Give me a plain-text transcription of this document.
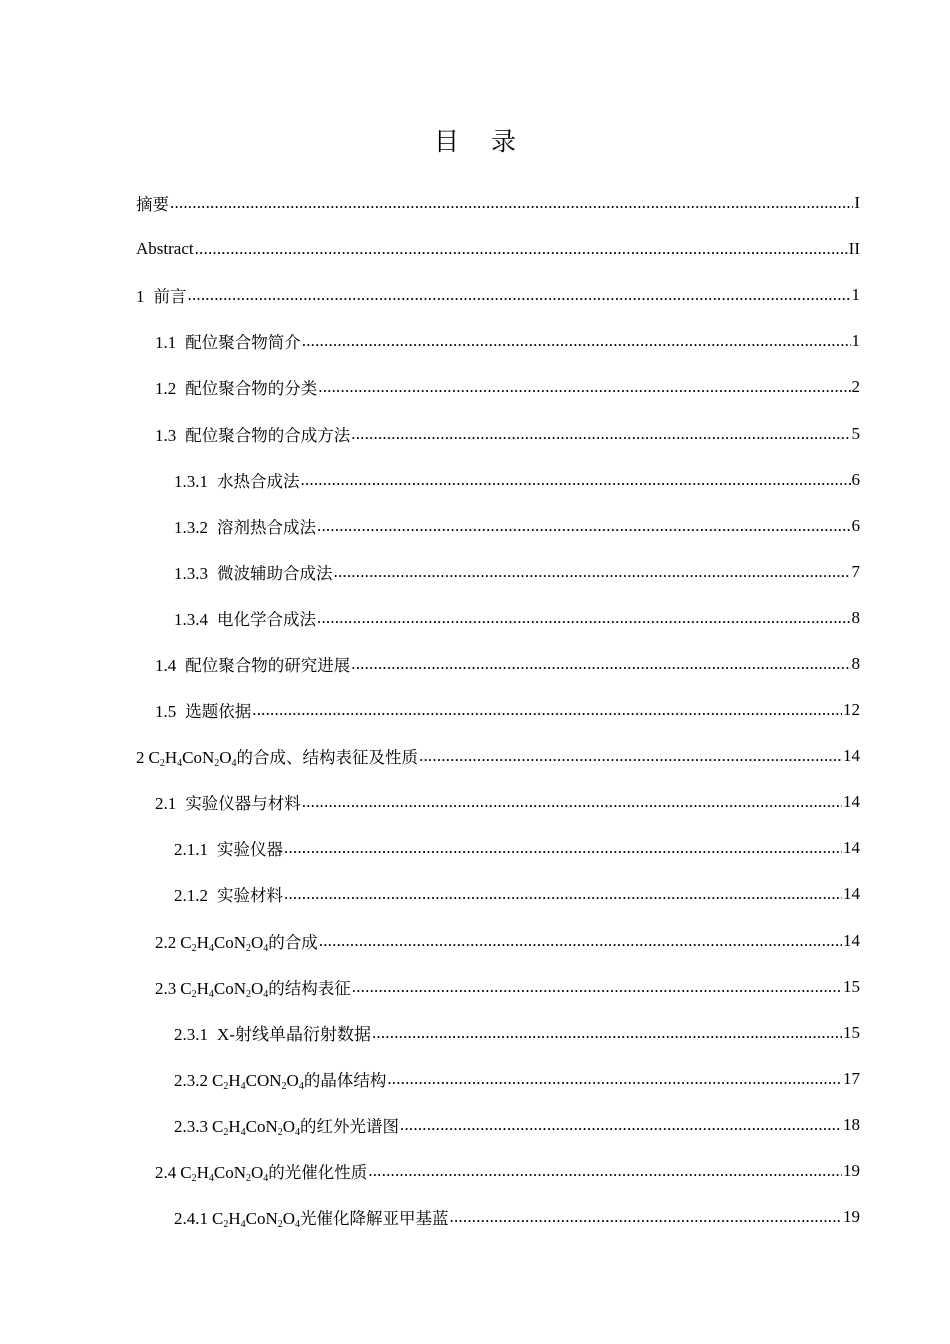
目 录
摘要 .....	I
Abstract .....	II
1 前言 .....	1
1.1 配位聚合物简介 .....	1
1.2 配位聚合物的分类 .....	2
1.3 配位聚合物的合成方法 .....	5
1.3.1 水热合成法 .....	6
1.3.2 溶剂热合成法 .....	6
1.3.3 微波辅助合成法 .....	7
1.3.4 电化学合成法 .....	8
1.4 配位聚合物的研究进展 .....	8
1.5 选题依据 .....	12
2 $C_2H_4CoN_2O_4$的合成、结构表征及性质 .....	14
2.1 实验仪器与材料 .....	14
2.1.1 实验仪器 .....	14
2.1.2 实验材料 .....	14
2.2 $C_2H_4CoN_2O_4$的合成 .....	14
2.3 $C_2H_4CoN_2O_4$的结构表征 .....	15
2.3.1 X-射线单晶衍射数据 .....	15
2.3.2 $C_2H_4CON_2O_4$的晶体结构 .....	17
2.3.3 $C_2H_4CoN_2O_4$的红外光谱图 .....	18
2.4 $C_2H_4CoN_2O_4$的光催化性质 .....	19
2.4.1 $C_2H_4CoN_2O_4$光催化降解亚甲基蓝 .....	19
